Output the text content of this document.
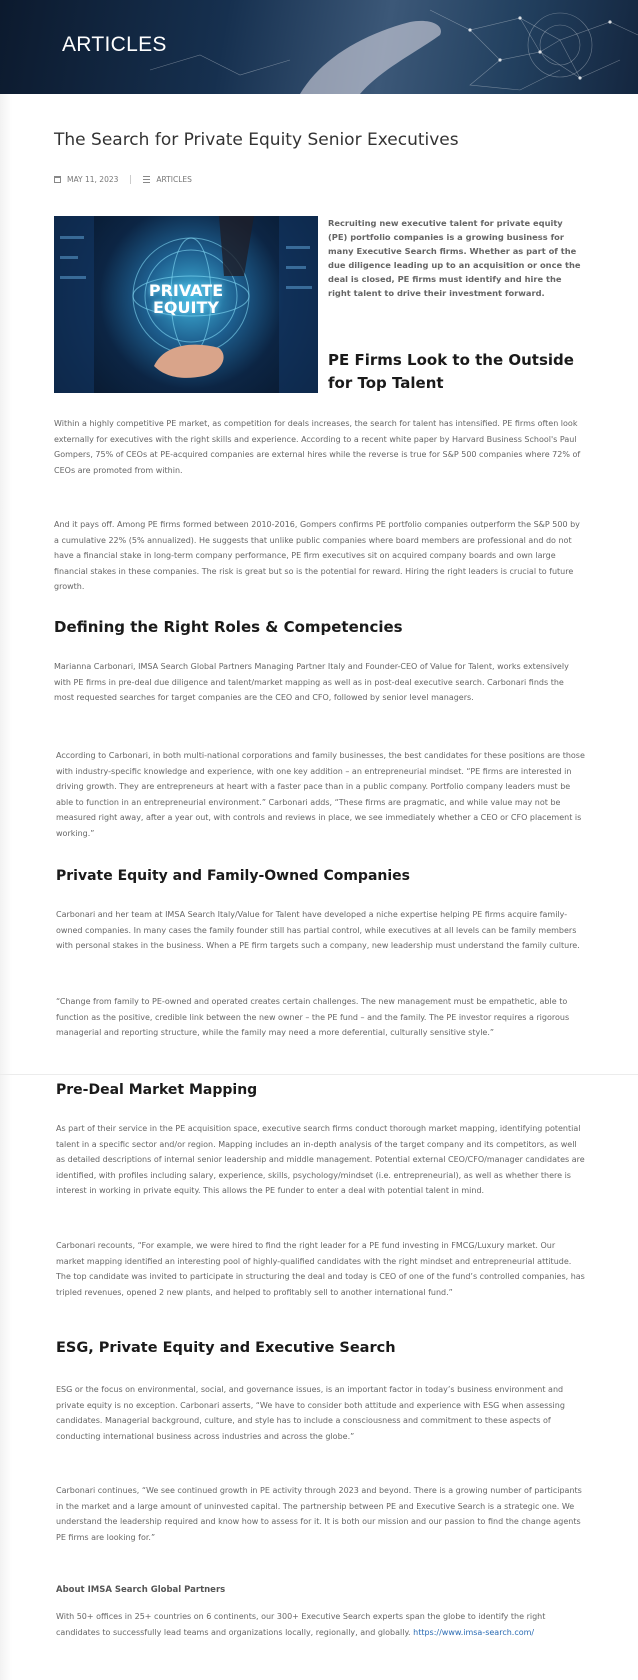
ARTICLES
The Search for Private Equity Senior Executives
MAY 11, 2023	ARTICLES
PRIVATE
EQUITY

Recruiting new executive talent for private equity (PE) portfolio companies is a growing business for many Executive Search firms. Whether as part of the due diligence leading up to an acquisition or once the deal is closed, PE firms must identify and hire the right talent to drive their investment forward.

PE Firms Look to the Outside for Top Talent

Within a highly competitive PE market, as competition for deals increases, the search for talent has intensified. PE firms often look externally for executives with the right skills and experience. According to a recent white paper by Harvard Business School's Paul Gompers, 75% of CEOs at PE-acquired companies are external hires while the reverse is true for S&P 500 companies where 72% of CEOs are promoted from within.

And it pays off. Among PE firms formed between 2010-2016, Gompers confirms PE portfolio companies outperform the S&P 500 by a cumulative 22% (5% annualized). He suggests that unlike public companies where board members are professional and do not have a financial stake in long-term company performance, PE firm executives sit on acquired company boards and own large financial stakes in these companies. The risk is great but so is the potential for reward. Hiring the right leaders is crucial to future growth.

Defining the Right Roles & Competencies

Marianna Carbonari, IMSA Search Global Partners Managing Partner Italy and Founder-CEO of Value for Talent, works extensively with PE firms in pre-deal due diligence and talent/market mapping as well as in post-deal executive search. Carbonari finds the most requested searches for target companies are the CEO and CFO, followed by senior level managers.

According to Carbonari, in both multi-national corporations and family businesses, the best candidates for these positions are those with industry-specific knowledge and experience, with one key addition – an entrepreneurial mindset. “PE firms are interested in driving growth. They are entrepreneurs at heart with a faster pace than in a public company. Portfolio company leaders must be able to function in an entrepreneurial environment.” Carbonari adds, “These firms are pragmatic, and while value may not be measured right away, after a year out, with controls and reviews in place, we see immediately whether a CEO or CFO placement is working.”

Private Equity and Family-Owned Companies

Carbonari and her team at IMSA Search Italy/Value for Talent have developed a niche expertise helping PE firms acquire family-owned companies. In many cases the family founder still has partial control, while executives at all levels can be family members with personal stakes in the business. When a PE firm targets such a company, new leadership must understand the family culture.

“Change from family to PE-owned and operated creates certain challenges. The new management must be empathetic, able to function as the positive, credible link between the new owner – the PE fund – and the family. The PE investor requires a rigorous managerial and reporting structure, while the family may need a more deferential, culturally sensitive style.”

Pre-Deal Market Mapping

As part of their service in the PE acquisition space, executive search firms conduct thorough market mapping, identifying potential talent in a specific sector and/or region. Mapping includes an in-depth analysis of the target company and its competitors, as well as detailed descriptions of internal senior leadership and middle management. Potential external CEO/CFO/manager candidates are identified, with profiles including salary, experience, skills, psychology/mindset (i.e. entrepreneurial), as well as whether there is interest in working in private equity. This allows the PE funder to enter a deal with potential talent in mind.

Carbonari recounts, “For example, we were hired to find the right leader for a PE fund investing in FMCG/Luxury market. Our market mapping identified an interesting pool of highly-qualified candidates with the right mindset and entrepreneurial attitude. The top candidate was invited to participate in structuring the deal and today is CEO of one of the fund’s controlled companies, has tripled revenues, opened 2 new plants, and helped to profitably sell to another international fund.”

ESG, Private Equity and Executive Search

ESG or the focus on environmental, social, and governance issues, is an important factor in today’s business environment and private equity is no exception. Carbonari asserts, “We have to consider both attitude and experience with ESG when assessing candidates. Managerial background, culture, and style has to include a consciousness and commitment to these aspects of conducting international business across industries and across the globe.”

Carbonari continues, “We see continued growth in PE activity through 2023 and beyond. There is a growing number of participants in the market and a large amount of uninvested capital. The partnership between PE and Executive Search is a strategic one. We understand the leadership required and know how to assess for it. It is both our mission and our passion to find the change agents PE firms are looking for.”

About IMSA Search Global Partners

With 50+ offices in 25+ countries on 6 continents, our 300+ Executive Search experts span the globe to identify the right candidates to successfully lead teams and organizations locally, regionally, and globally. https://www.imsa-search.com/
